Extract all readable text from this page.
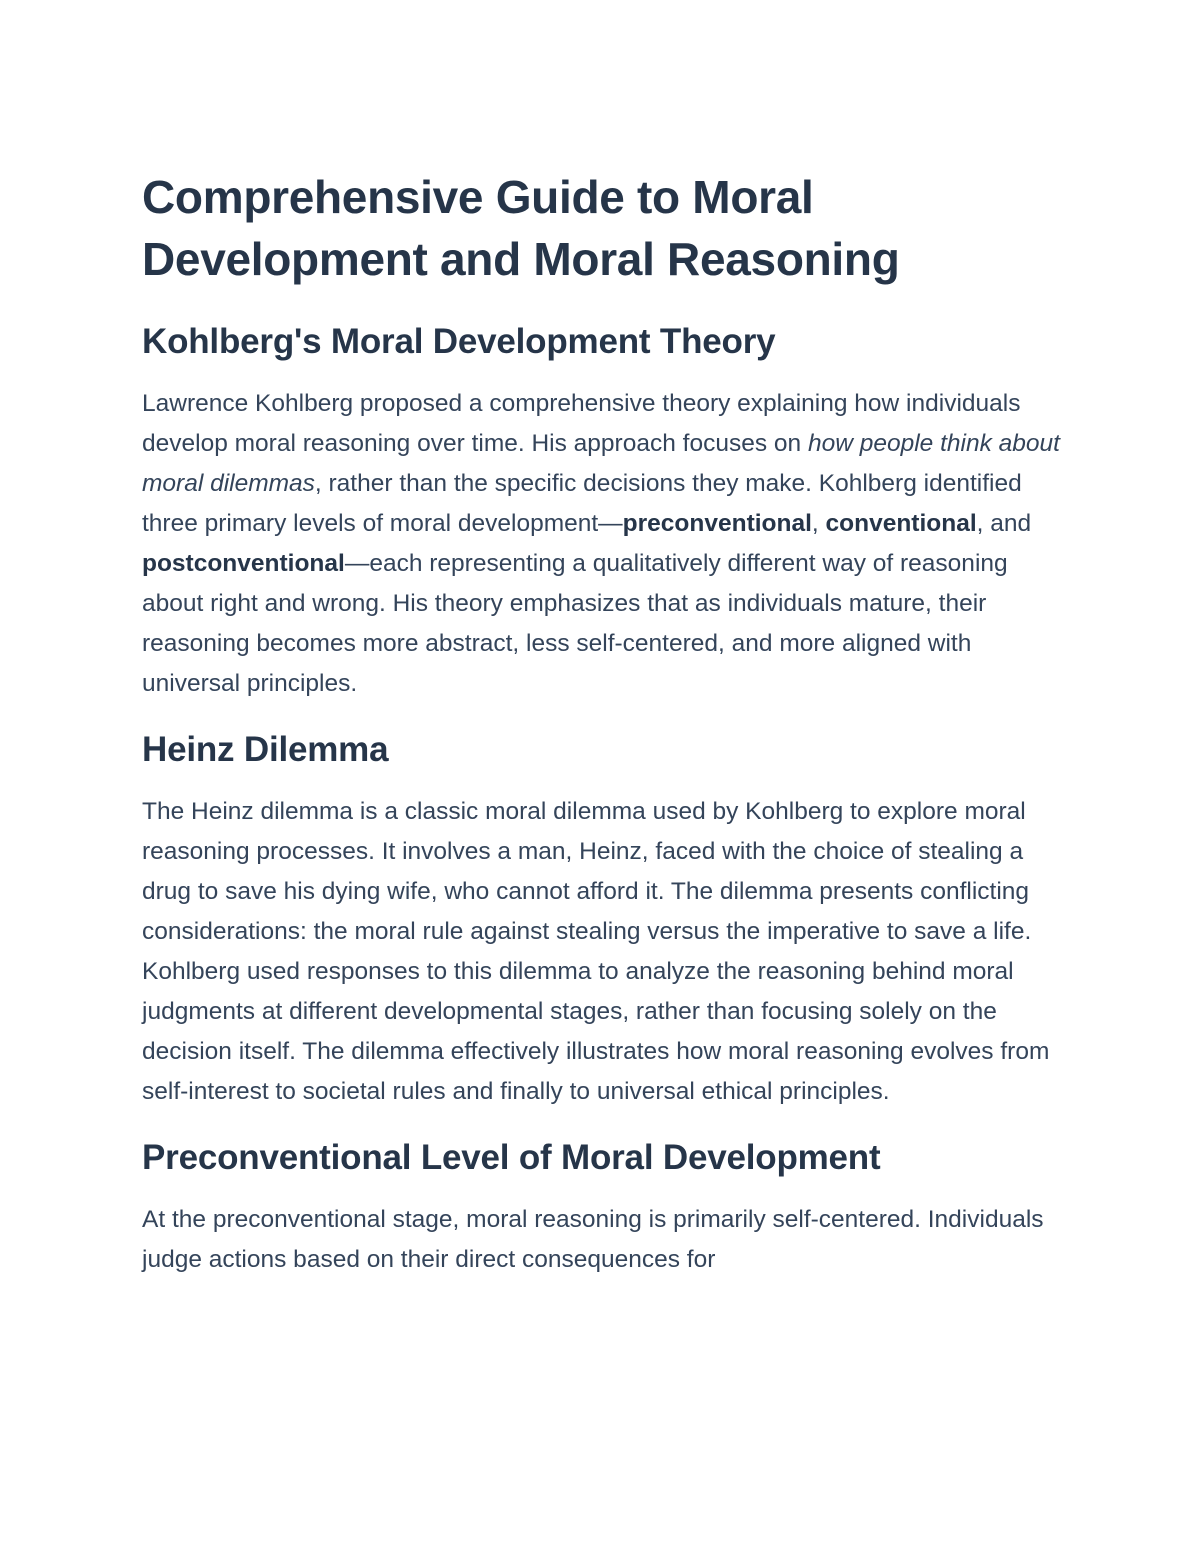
Comprehensive Guide to Moral Development and Moral Reasoning
Kohlberg's Moral Development Theory

Lawrence Kohlberg proposed a comprehensive theory explaining how individuals develop moral reasoning over time. His approach focuses on how people think about moral dilemmas, rather than the specific decisions they make. Kohlberg identified three primary levels of moral development—preconventional, conventional, and postconventional—each representing a qualitatively different way of reasoning about right and wrong. His theory emphasizes that as individuals mature, their reasoning becomes more abstract, less self-centered, and more aligned with universal principles.

Heinz Dilemma

The Heinz dilemma is a classic moral dilemma used by Kohlberg to explore moral reasoning processes. It involves a man, Heinz, faced with the choice of stealing a drug to save his dying wife, who cannot afford it. The dilemma presents conflicting considerations: the moral rule against stealing versus the imperative to save a life. Kohlberg used responses to this dilemma to analyze the reasoning behind moral judgments at different developmental stages, rather than focusing solely on the decision itself. The dilemma effectively illustrates how moral reasoning evolves from self-interest to societal rules and finally to universal ethical principles.

Preconventional Level of Moral Development

At the preconventional stage, moral reasoning is primarily self-centered. Individuals judge actions based on their direct consequences for
